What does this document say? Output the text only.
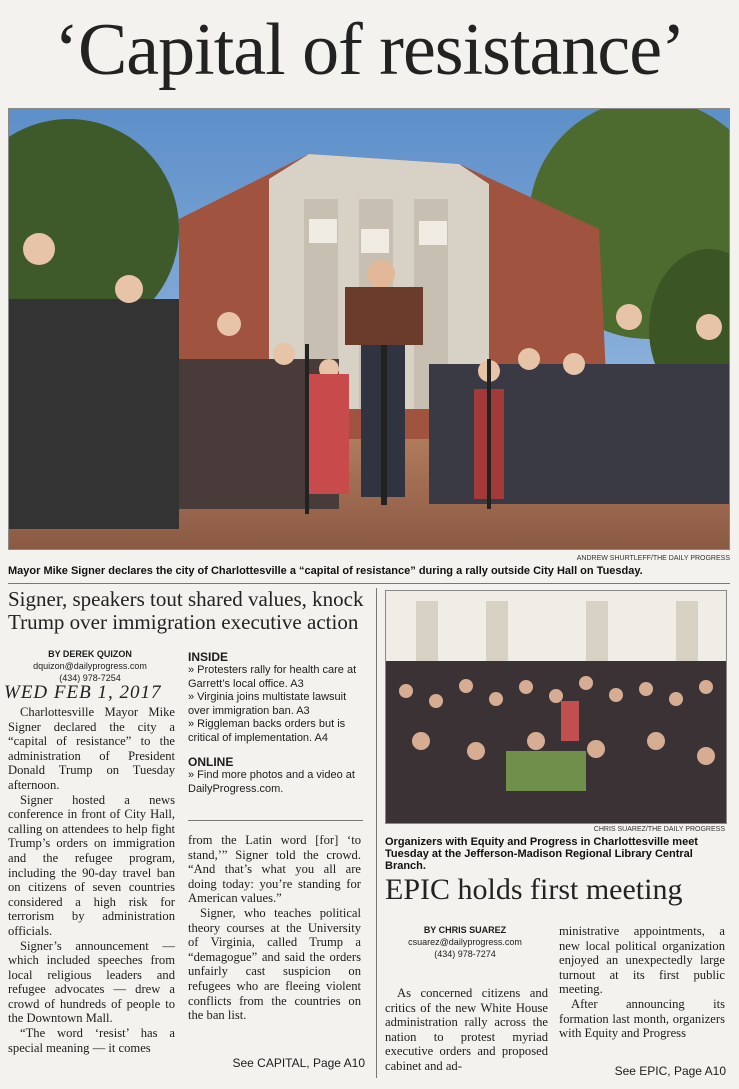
‘Capital of resistance’
ANDREW SHURTLEFF/THE DAILY PROGRESS
Mayor Mike Signer declares the city of Charlottesville a “capital of resistance” during a rally outside City Hall on Tuesday.
Signer, speakers tout shared values, knock Trump over immigration executive action
BY DEREK QUIZON
dquizon@dailyprogress.com
(434) 978-7254
WED FEB 1, 2017

Charlottesville Mayor Mike Signer declared the city a “capital of resistance” to the administration of President Donald Trump on Tuesday afternoon.

Signer hosted a news conference in front of City Hall, calling on attendees to help fight Trump’s orders on immigration and the refugee program, including the 90-day travel ban on citizens of seven countries considered a high risk for terrorism by administration officials.

Signer’s announcement — which included speeches from local religious leaders and refugee advocates — drew a crowd of hundreds of people to the Downtown Mall.

“The word ‘resist’ has a special meaning — it comes

INSIDE
» Protesters rally for health care at Garrett’s local office. A3
» Virginia joins multistate lawsuit over immigration ban. A3
» Riggleman backs orders but is critical of implementation. A4
ONLINE
» Find more photos and a video at DailyProgress.com.

from the Latin word [for] ‘to stand,’” Signer told the crowd. “And that’s what you all are doing today: you’re standing for American values.”

Signer, who teaches political theory courses at the University of Virginia, called Trump a “demagogue” and said the orders unfairly cast suspicion on refugees who are fleeing violent conflicts from the countries on the ban list.

See CAPITAL, Page A10
CHRIS SUAREZ/THE DAILY PROGRESS
Organizers with Equity and Progress in Charlottesville meet Tuesday at the Jefferson-Madison Regional Library Central Branch.
EPIC holds first meeting
BY CHRIS SUAREZ
csuarez@dailyprogress.com
(434) 978-7274

As concerned citizens and critics of the new White House administration rally across the nation to protest myriad executive orders and proposed cabinet and ad-

ministrative appointments, a new local political organization enjoyed an unexpectedly large turnout at its first public meeting.

After announcing its formation last month, organizers with Equity and Progress

See EPIC, Page A10
